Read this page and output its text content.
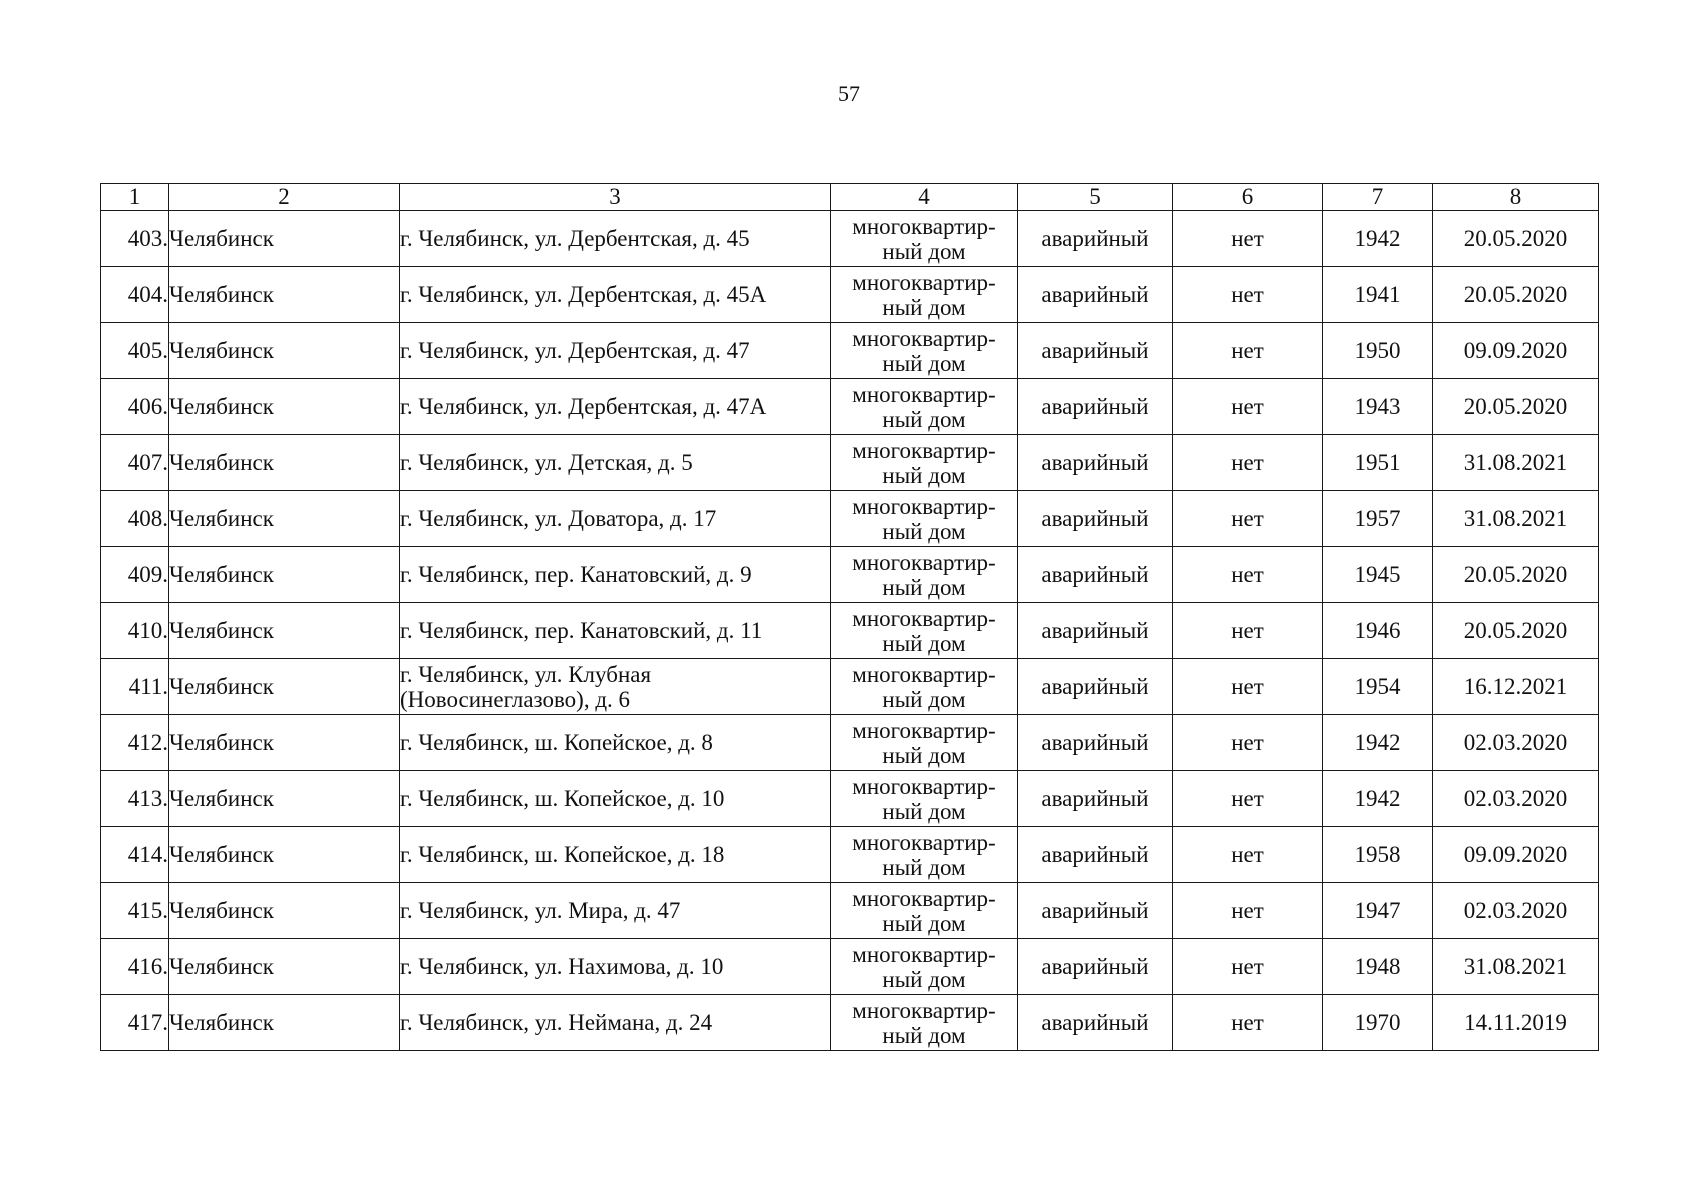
57
1	2	3	4	5	6	7	8
403.	Челябинск	г. Челябинск, ул. Дербентская, д. 45	многоквартир-
ный дом	аварийный	нет	1942	20.05.2020
404.	Челябинск	г. Челябинск, ул. Дербентская, д. 45А	многоквартир-
ный дом	аварийный	нет	1941	20.05.2020
405.	Челябинск	г. Челябинск, ул. Дербентская, д. 47	многоквартир-
ный дом	аварийный	нет	1950	09.09.2020
406.	Челябинск	г. Челябинск, ул. Дербентская, д. 47А	многоквартир-
ный дом	аварийный	нет	1943	20.05.2020
407.	Челябинск	г. Челябинск, ул. Детская, д. 5	многоквартир-
ный дом	аварийный	нет	1951	31.08.2021
408.	Челябинск	г. Челябинск, ул. Доватора, д. 17	многоквартир-
ный дом	аварийный	нет	1957	31.08.2021
409.	Челябинск	г. Челябинск, пер. Канатовский, д. 9	многоквартир-
ный дом	аварийный	нет	1945	20.05.2020
410.	Челябинск	г. Челябинск, пер. Канатовский, д. 11	многоквартир-
ный дом	аварийный	нет	1946	20.05.2020
411.	Челябинск	г. Челябинск, ул. Клубная (Новосинеглазово), д. 6	многоквартир-
ный дом	аварийный	нет	1954	16.12.2021
412.	Челябинск	г. Челябинск, ш. Копейское, д. 8	многоквартир-
ный дом	аварийный	нет	1942	02.03.2020
413.	Челябинск	г. Челябинск, ш. Копейское, д. 10	многоквартир-
ный дом	аварийный	нет	1942	02.03.2020
414.	Челябинск	г. Челябинск, ш. Копейское, д. 18	многоквартир-
ный дом	аварийный	нет	1958	09.09.2020
415.	Челябинск	г. Челябинск, ул. Мира, д. 47	многоквартир-
ный дом	аварийный	нет	1947	02.03.2020
416.	Челябинск	г. Челябинск, ул. Нахимова, д. 10	многоквартир-
ный дом	аварийный	нет	1948	31.08.2021
417.	Челябинск	г. Челябинск, ул. Неймана, д. 24	многоквартир-
ный дом	аварийный	нет	1970	14.11.2019
